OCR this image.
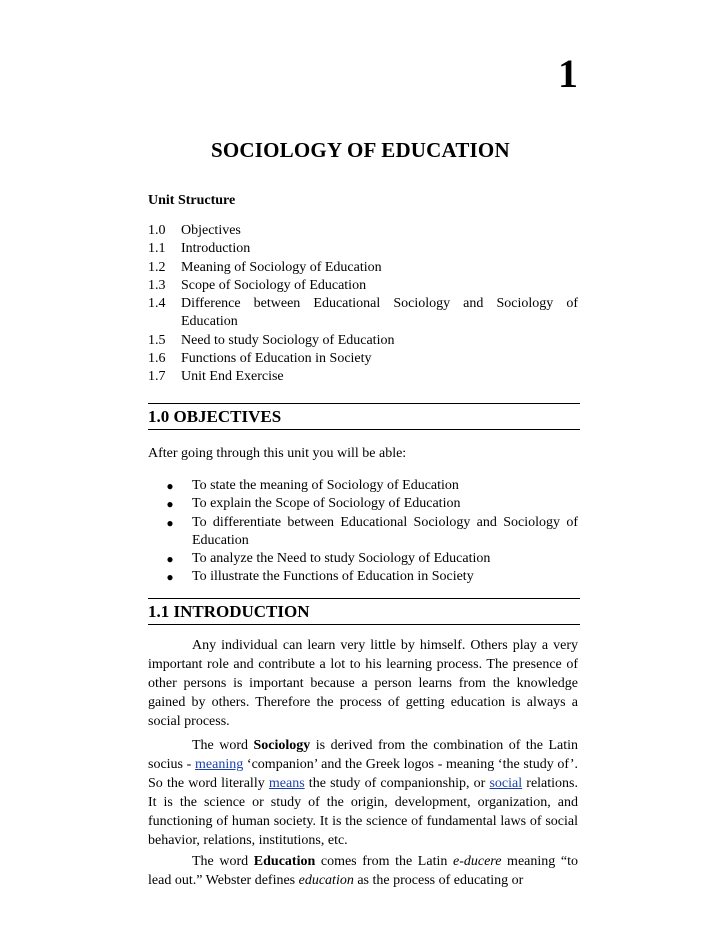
1
SOCIOLOGY OF EDUCATION
Unit Structure
1.0	Objectives
1.1	Introduction
1.2	Meaning of Sociology of Education
1.3	Scope of Sociology of Education
1.4	Difference between Educational Sociology and Sociology of Education
1.5	Need to study Sociology of Education
1.6	Functions of Education in Society
1.7	Unit End Exercise
1.0 OBJECTIVES
After going through this unit you will be able:
●	To state the meaning of Sociology of Education
●	To explain the Scope of Sociology of Education
●	To differentiate between Educational Sociology and Sociology of Education
●	To analyze the Need to study Sociology of Education
●	To illustrate the Functions of Education in Society
1.1 INTRODUCTION
Any individual can learn very little by himself. Others play a very important role and contribute a lot to his learning process. The presence of other persons is important because a person learns from the knowledge gained by others. Therefore the process of getting education is always a social process.
The word Sociology is derived from the combination of the Latin socius - meaning ‘companion’ and the Greek logos - meaning ‘the study of’. So the word literally means the study of companionship, or social relations. It is the science or study of the origin, development, organization, and functioning of human society. It is the science of fundamental laws of social behavior, relations, institutions, etc.
The word Education comes from the Latin e-ducere meaning “to lead out.” Webster defines education as the process of educating or
